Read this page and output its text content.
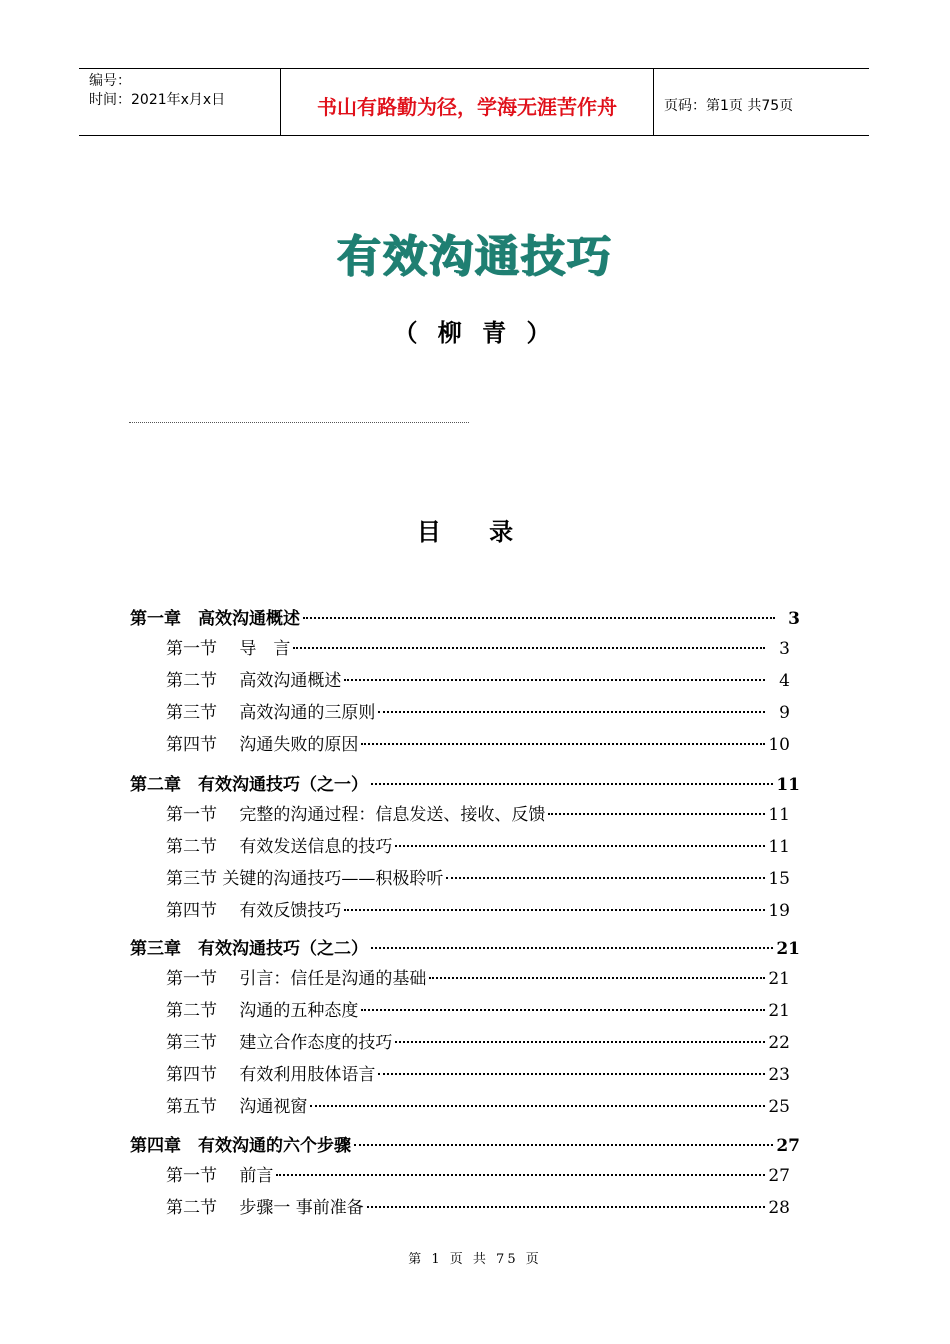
编号：
时间：2021年x月x日	书山有路勤为径，学海无涯苦作舟	页码：第1页 共75页
有效沟通技巧
（ 柳 青 ）
目 录
第一章　高效沟通概述	3
第一节　 导　言	3
第二节　 高效沟通概述	4
第三节　 高效沟通的三原则	9
第四节　 沟通失败的原因	10
第二章　有效沟通技巧（之一）	11
第一节　 完整的沟通过程：信息发送、接收、反馈	11
第二节　 有效发送信息的技巧	11
第三节 关键的沟通技巧——积极聆听	15
第四节　 有效反馈技巧	19
第三章　有效沟通技巧（之二）	21
第一节　 引言：信任是沟通的基础	21
第二节　 沟通的五种态度	21
第三节　 建立合作态度的技巧	22
第四节　 有效利用肢体语言	23
第五节　 沟通视窗	25
第四章　有效沟通的六个步骤	27
第一节　 前言	27
第二节　 步骤一 事前准备	28
第 1 页 共 75 页
